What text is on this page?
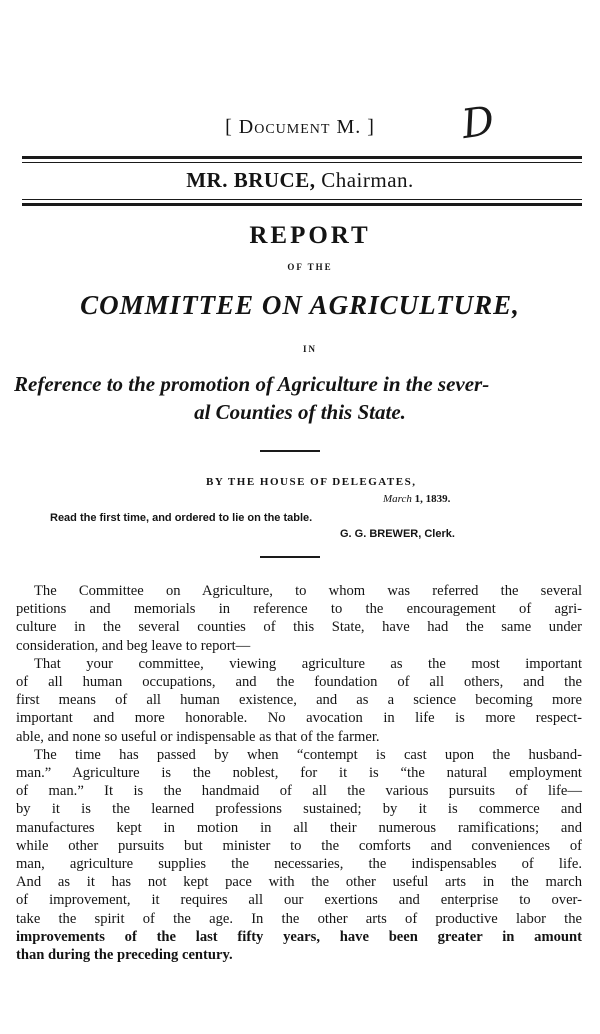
[ Document M. ]	D
MR. BRUCE, Chairman.
REPORT
OF THE
COMMITTEE ON AGRICULTURE,
IN
Reference to the promotion of Agriculture in the sever-
al Counties of this State.
BY THE HOUSE OF DELEGATES,
March 1, 1839.
Read the first time, and ordered to lie on the table.
G. G. BREWER, Clerk.
The Committee on Agriculture, to whom was referred the several
petitions and memorials in reference to the encouragement of agri-
culture in the several counties of this State, have had the same under
consideration, and beg leave to report—
That your committee, viewing agriculture as the most important
of all human occupations, and the foundation of all others, and the
first means of all human existence, and as a science becoming more
important and more honorable. No avocation in life is more respect-
able, and none so useful or indispensable as that of the farmer.
The time has passed by when “contempt is cast upon the husband-
man.” Agriculture is the noblest, for it is “the natural employment
of man.” It is the handmaid of all the various pursuits of life—
by it is the learned professions sustained; by it is commerce and
manufactures kept in motion in all their numerous ramifications; and
while other pursuits but minister to the comforts and conveniences of
man, agriculture supplies the necessaries, the indispensables of life.
And as it has not kept pace with the other useful arts in the march
of improvement, it requires all our exertions and enterprise to over-
take the spirit of the age. In the other arts of productive labor the
improvements of the last fifty years, have been greater in amount
than during the preceding century.
